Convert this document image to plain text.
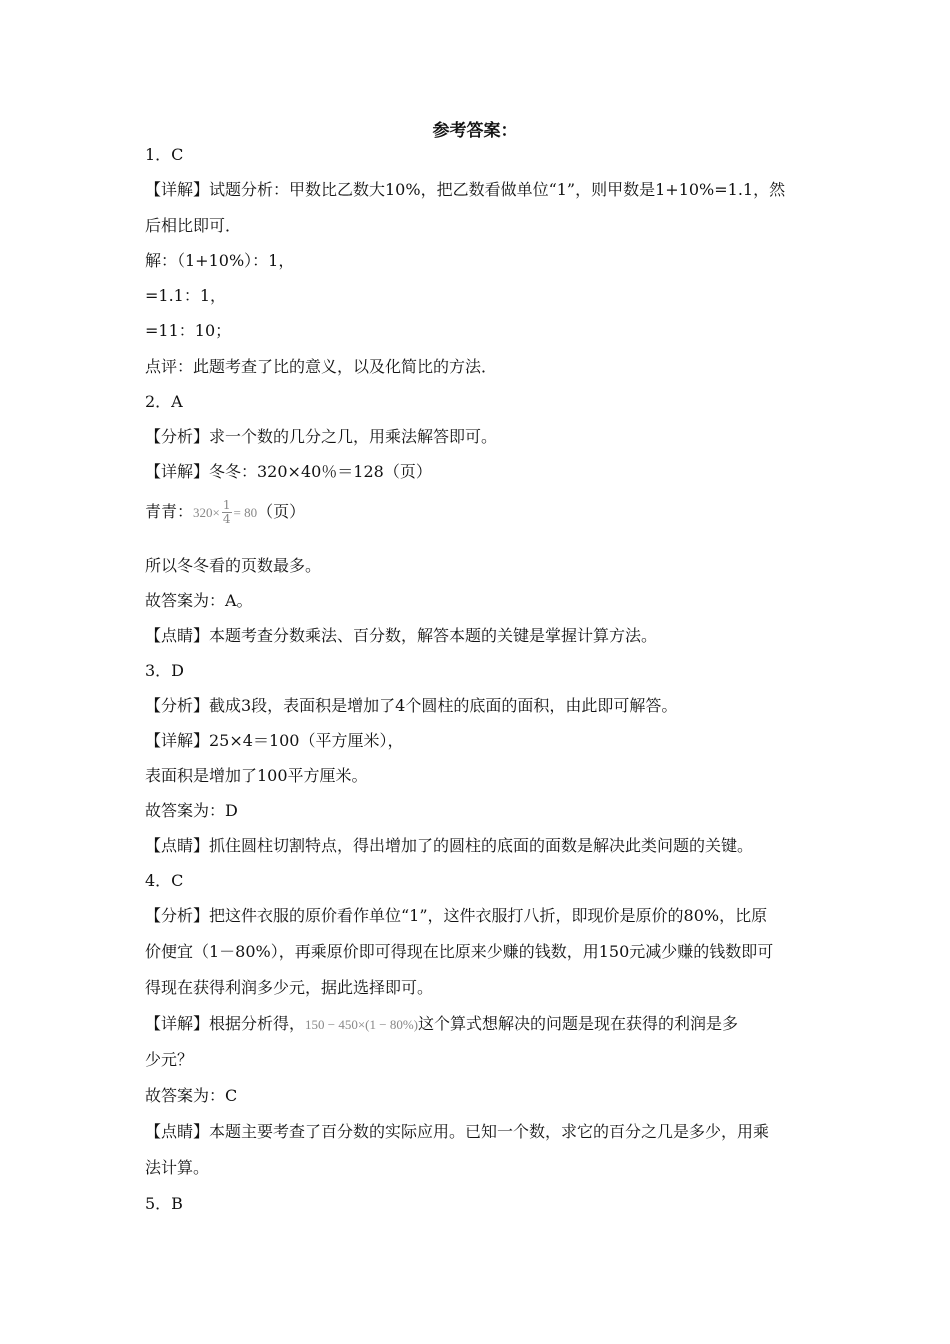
参考答案：
1．C
【详解】试题分析：甲数比乙数大10%，把乙数看做单位“1”，则甲数是1+10%=1.1，然
后相比即可．
解：（1+10%）：1，
=1.1：1，
=11：10；
点评：此题考查了比的意义，以及化简比的方法．
2．A
【分析】求一个数的几分之几，用乘法解答即可。
【详解】冬冬：320×40％＝128（页）
青青：$320\times \frac{1}{4} = 80$（页）
所以冬冬看的页数最多。
故答案为：A。
【点睛】本题考查分数乘法、百分数，解答本题的关键是掌握计算方法。
3．D
【分析】截成3段，表面积是增加了4个圆柱的底面的面积，由此即可解答。
【详解】25×4＝100（平方厘米），
表面积是增加了100平方厘米。
故答案为：D
【点睛】抓住圆柱切割特点，得出增加了的圆柱的底面的面数是解决此类问题的关键。
4．C
【分析】把这件衣服的原价看作单位“1”，这件衣服打八折，即现价是原价的80%，比原
价便宜（1－80%），再乘原价即可得现在比原来少赚的钱数，用150元减少赚的钱数即可
得现在获得利润多少元，据此选择即可。
【详解】根据分析得，150 − 450×(1 − 80%)这个算式想解决的问题是现在获得的利润是多
少元？
故答案为：C
【点睛】本题主要考查了百分数的实际应用。已知一个数，求它的百分之几是多少，用乘
法计算。
5．B
